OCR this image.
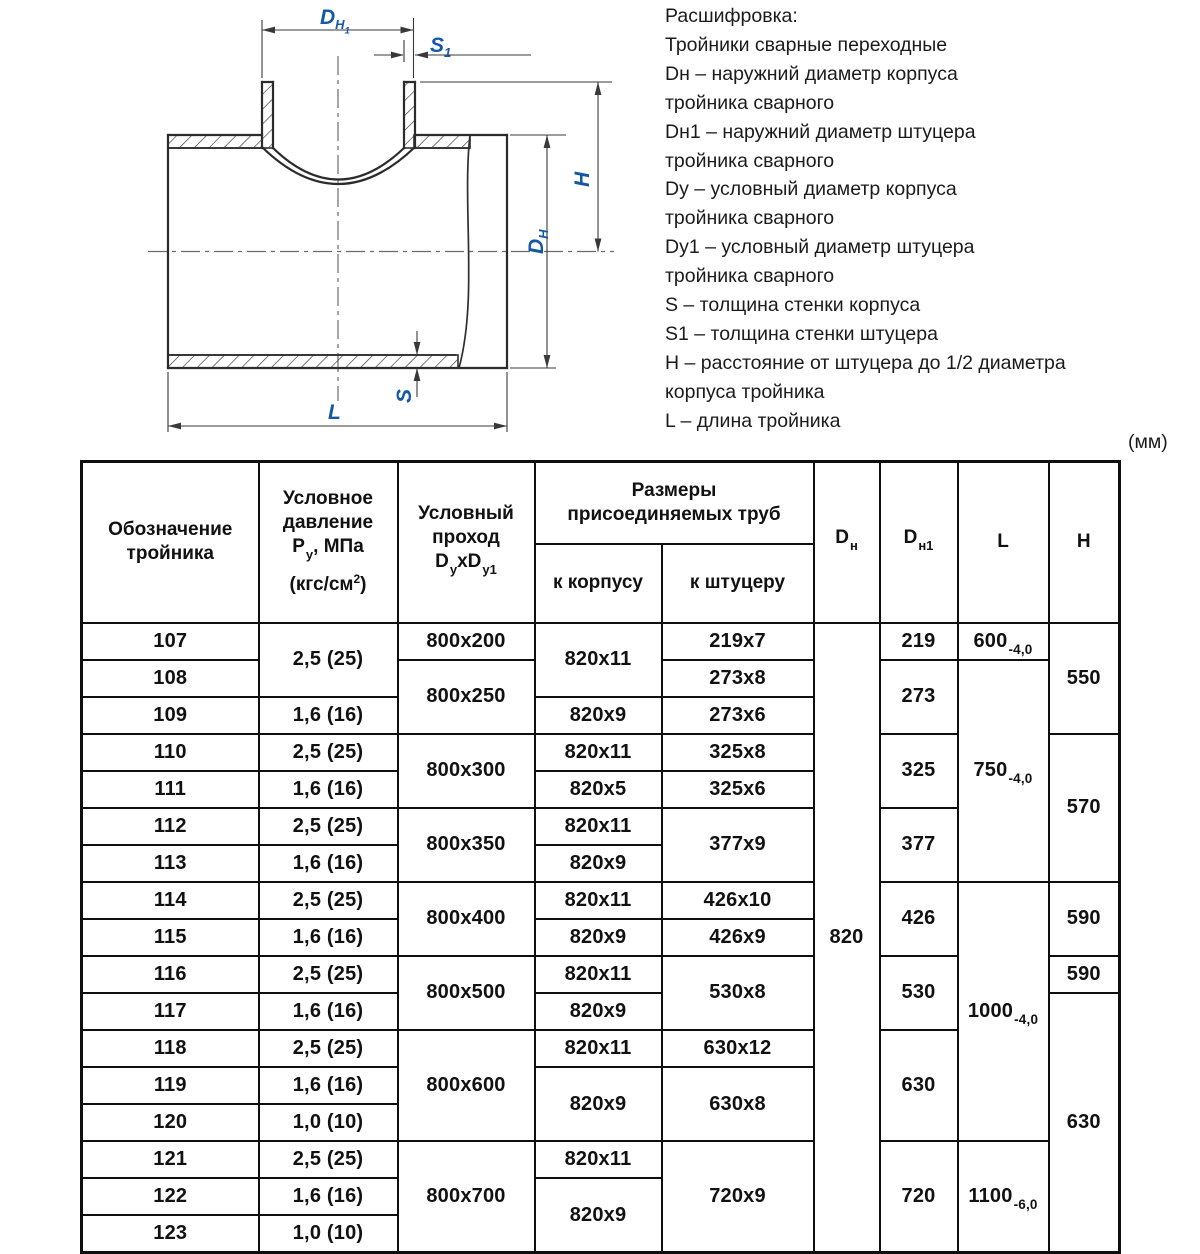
$D_{Н1}$
$S_1$
H
$D_Н$
S
L
Расшифровка:
Тройники сварные переходные
Dн – наружний диаметр корпуса
тройника сварного
Dн1 – наружний диаметр штуцера
тройника сварного
Dу – условный диаметр корпуса
тройника сварного
Dу1 – условный диаметр штуцера
тройника сварного
S – толщина стенки корпуса
S1 – толщина стенки штуцера
H – расстояние от штуцера до 1/2 диаметра
корпуса тройника
L – длина тройника
(мм)
Обозначение
тройника

Условное
давление
$P_у$, МПа
$(кгс/см^2)$

Условный
проход
$D_уxD_{у1}$

Размеры
присоединяемых труб

$D_н$	$D_{н1}$	L	H

			к корпусу	к штуцеру				

107	2,5 (25)	800x200	820x11	219x7	820	219	$600_{-4,0}$	550
108		800x250		273x8		273	$750_{-4,0}$
109	1,6 (16)		820x9	273x6				
110	2,5 (25)	800x300	820x11	325x8		325		570
111	1,6 (16)		820x5	325x6				
112	2,5 (25)	800x350	820x11	377x9		377		
113	1,6 (16)		820x9					
114	2,5 (25)	800x400	820x11	426x10		426	$1000_{-4,0}$	590
115	1,6 (16)		820x9	426x9				
116	2,5 (25)	800x500	820x11	530x8		530		590
117	1,6 (16)		820x9					630
118	2,5 (25)	800x600	820x11	630x12		630		
119	1,6 (16)		820x9	630x8				
120	1,0 (10)							
121	2,5 (25)	800x700	820x11	720x9		720	$1100_{-6,0}$
122	1,6 (16)		820x9					
123	1,0 (10)							
